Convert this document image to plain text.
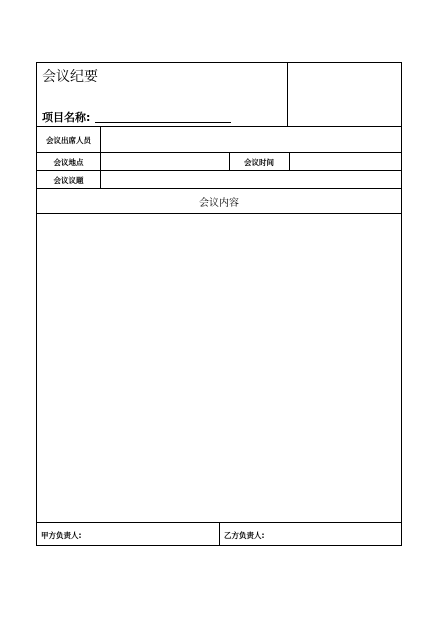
会议纪要
项目名称:
会议出席人员
会议地点	会议时间
会议议题
会议内容
甲方负责人:	乙方负责人:
